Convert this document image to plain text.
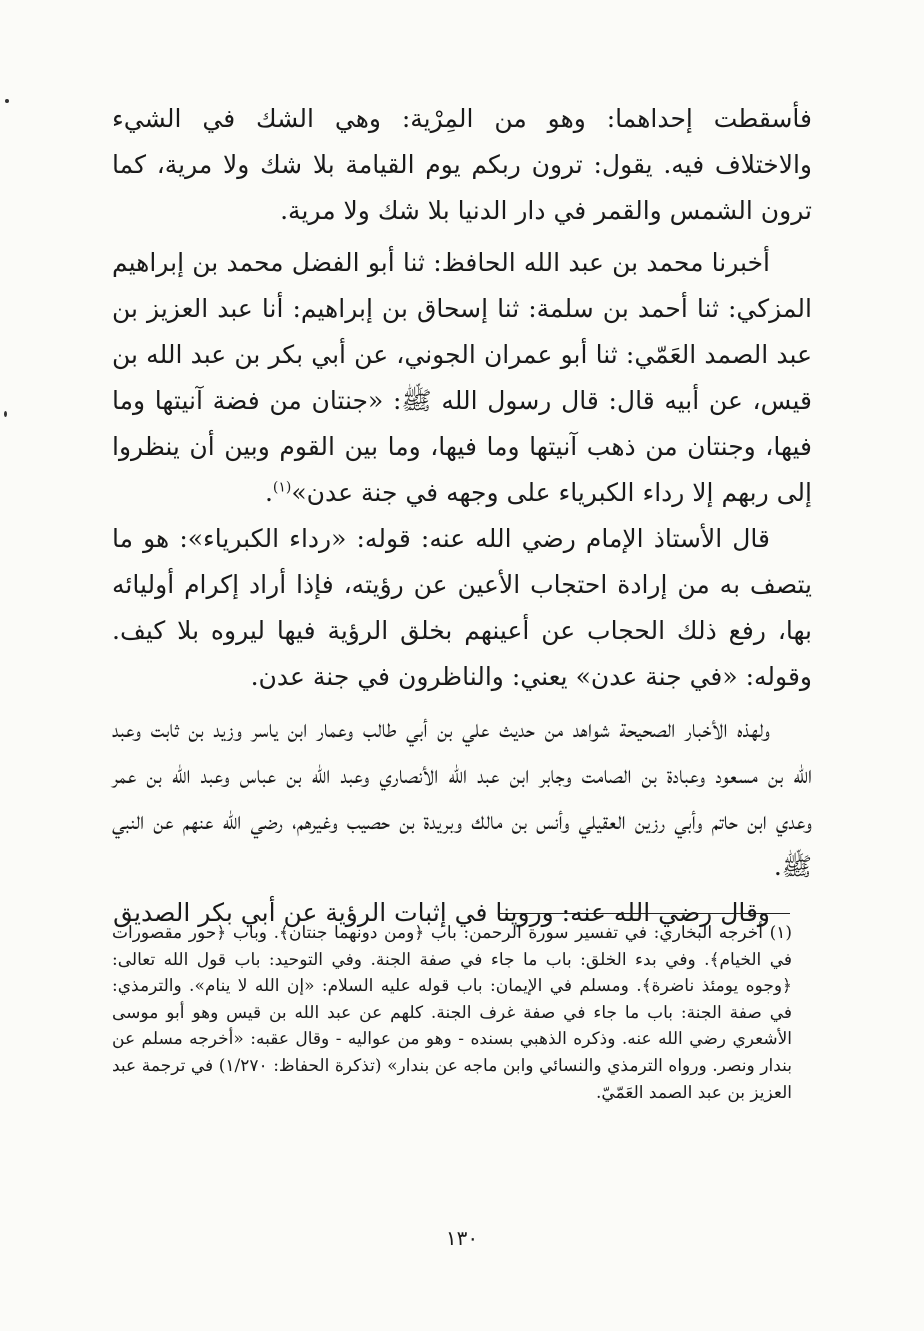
فأسقطت إحداهما: وهو من المِرْية: وهي الشك في الشيء والاختلاف فيه. يقول: ترون ربكم يوم القيامة بلا شك ولا مرية، كما ترون الشمس والقمر في دار الدنيا بلا شك ولا مرية.

أخبرنا محمد بن عبد الله الحافظ: ثنا أبو الفضل محمد بن إبراهيم المزكي: ثنا أحمد بن سلمة: ثنا إسحاق بن إبراهيم: أنا عبد العزيز بن عبد الصمد العَمّي: ثنا أبو عمران الجوني، عن أبي بكر بن عبد الله بن قيس، عن أبيه قال: قال رسول الله ﷺ: «جنتان من فضة آنيتها وما فيها، وجنتان من ذهب آنيتها وما فيها، وما بين القوم وبين أن ينظروا إلى ربهم إلا رداء الكبرياء على وجهه في جنة عدن»$^{(١)}$.

قال الأستاذ الإمام رضي الله عنه: قوله: «رداء الكبرياء»: هو ما يتصف به من إرادة احتجاب الأعين عن رؤيته، فإذا أراد إكرام أوليائه بها، رفع ذلك الحجاب عن أعينهم بخلق الرؤية فيها ليروه بلا كيف. وقوله: «في جنة عدن» يعني: والناظرون في جنة عدن.

ولهذه الأخبار الصحيحة شواهد من حديث علي بن أبي طالب وعمار ابن ياسر وزيد بن ثابت وعبد الله بن مسعود وعبادة بن الصامت وجابر ابن عبد الله الأنصاري وعبد الله بن عباس وعبد الله بن عمر وعدي ابن حاتم وأبي رزين العقيلي وأنس بن مالك وبريدة بن حصيب وغيرهم، رضي الله عنهم عن النبي ﷺ.

وقال رضي الله عنه: وروينا في إثبات الرؤية عن أبي بكر الصديق

(١) أخرجه البخاري: في تفسير سورة الرحمن: باب ﴿ومن دونهما جنتان﴾. وباب ﴿حور مقصورات في الخيام﴾. وفي بدء الخلق: باب ما جاء في صفة الجنة. وفي التوحيد: باب قول الله تعالى: ﴿وجوه يومئذ ناضرة﴾. ومسلم في الإيمان: باب قوله عليه السلام: «إن الله لا ينام». والترمذي: في صفة الجنة: باب ما جاء في صفة غرف الجنة. كلهم عن عبد الله بن قيس وهو أبو موسى الأشعري رضي الله عنه. وذكره الذهبي بسنده - وهو من عواليه - وقال عقبه: «أخرجه مسلم عن بندار ونصر. ورواه الترمذي والنسائي وابن ماجه عن بندار» (تذكرة الحفاظ: ١/٢٧٠) في ترجمة عبد العزيز بن عبد الصمد العَمّيّ.

١٣٠
